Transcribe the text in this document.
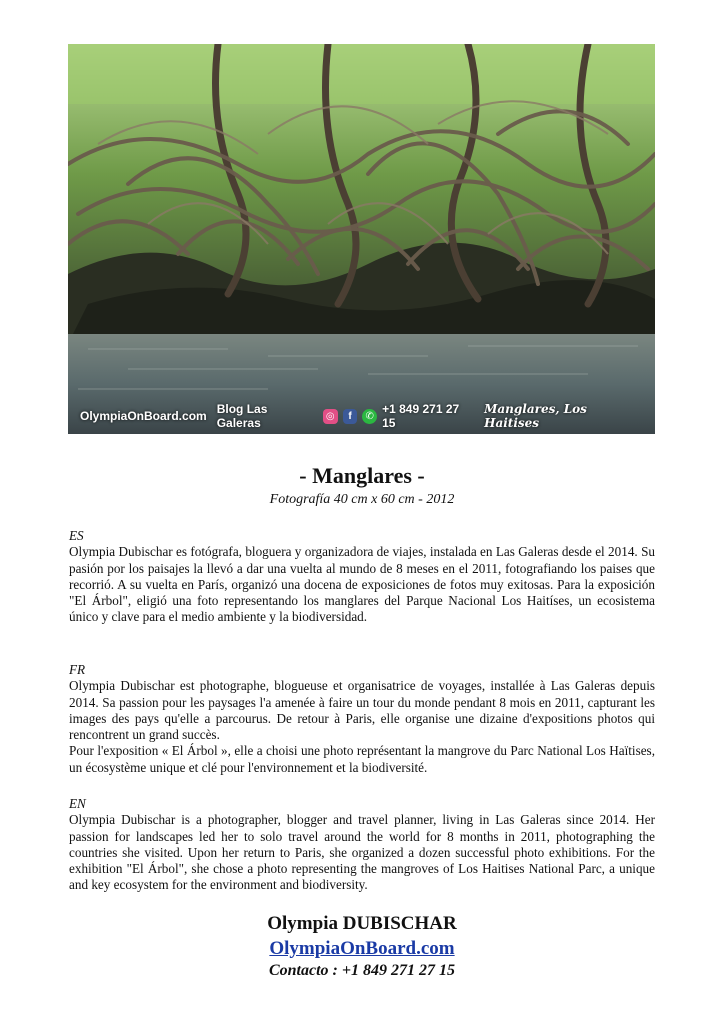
OlympiaOnBoard.com Blog Las Galeras	◎	f	✆ +1 849 271 27 15
Manglares, Los Haitises
- Manglares -
Fotografía 40 cm x 60 cm - 2012
ES

Olympia Dubischar es fotógrafa, bloguera y organizadora de viajes, instalada en Las Galeras desde el 2014. Su pasión por los paisajes la llevó a dar una vuelta al mundo de 8 meses en el 2011, fotografiando los paises que recorrió. A su vuelta en París, organizó una docena de exposiciones de fotos muy exitosas. Para la exposición "El Árbol", eligió una foto representando los manglares del Parque Nacional Los Haitíses, un ecosistema único y clave para el medio ambiente y la biodiversidad.

FR

Olympia Dubischar est photographe, blogueuse et organisatrice de voyages, installée à Las Galeras depuis 2014. Sa passion pour les paysages l'a amenée à faire un tour du monde pendant 8 mois en 2011, capturant les images des pays qu'elle a parcourus. De retour à Paris, elle organise une dizaine d'expositions photos qui rencontrent un grand succès.

Pour l'exposition « El Árbol », elle a choisi une photo représentant la mangrove du Parc National Los Haïtises, un écosystème unique et clé pour l'environnement et la biodiversité.

EN

Olympia Dubischar is a photographer, blogger and travel planner, living in Las Galeras since 2014. Her passion for landscapes led her to solo travel around the world for 8 months in 2011, photographing the countries she visited. Upon her return to Paris, she organized a dozen successful photo exhibitions. For the exhibition "El Árbol", she chose a photo representing the mangroves of Los Haitises National Parc, a unique and key ecosystem for the environment and biodiversity.

Olympia DUBISCHAR
OlympiaOnBoard.com
Contacto : +1 849 271 27 15
